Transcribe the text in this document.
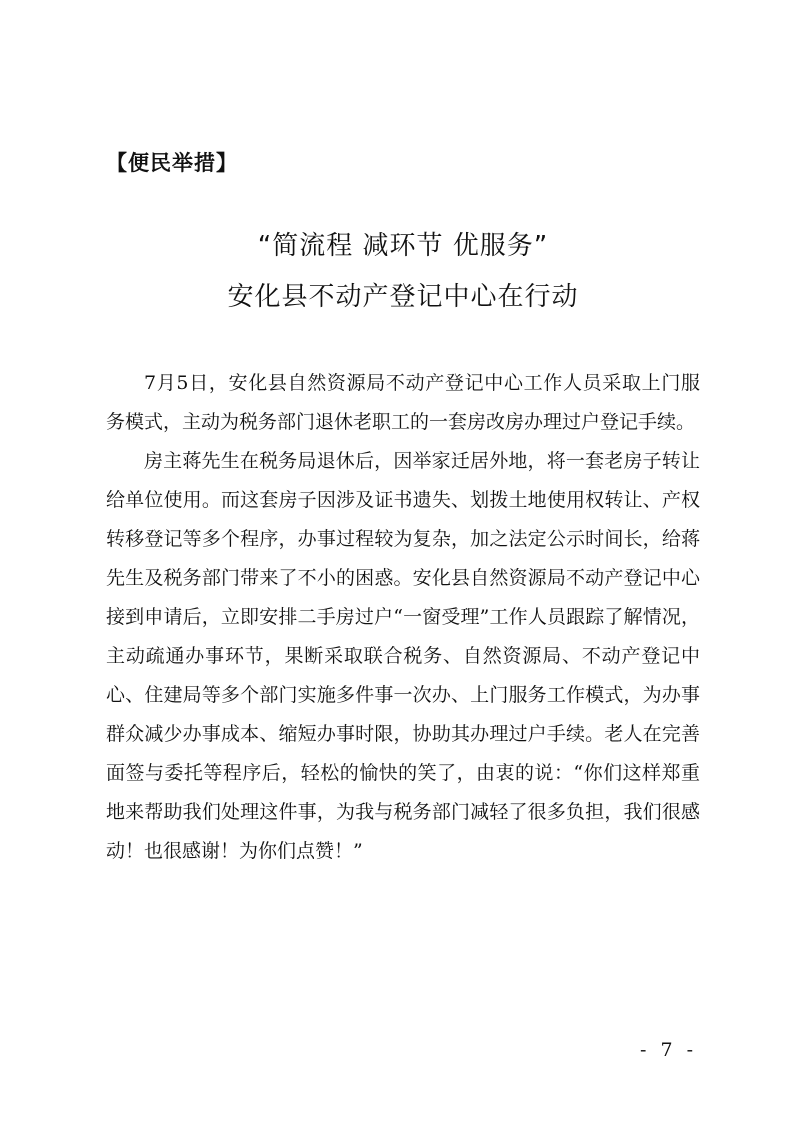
【便民举措】
“简流程 减环节 优服务”
安化县不动产登记中心在行动

7月5日，安化县自然资源局不动产登记中心工作人员采取上门服务模式，主动为税务部门退休老职工的一套房改房办理过户登记手续。

房主蒋先生在税务局退休后，因举家迁居外地，将一套老房子转让给单位使用。而这套房子因涉及证书遗失、划拨土地使用权转让、产权转移登记等多个程序，办事过程较为复杂，加之法定公示时间长，给蒋先生及税务部门带来了不小的困惑。安化县自然资源局不动产登记中心接到申请后，立即安排二手房过户“一窗受理”工作人员跟踪了解情况，主动疏通办事环节，果断采取联合税务、自然资源局、不动产登记中心、住建局等多个部门实施多件事一次办、上门服务工作模式，为办事群众减少办事成本、缩短办事时限，协助其办理过户手续。老人在完善面签与委托等程序后，轻松的愉快的笑了，由衷的说：“你们这样郑重地来帮助我们处理这件事，为我与税务部门减轻了很多负担，我们很感动！也很感谢！为你们点赞！”

- 7 -
